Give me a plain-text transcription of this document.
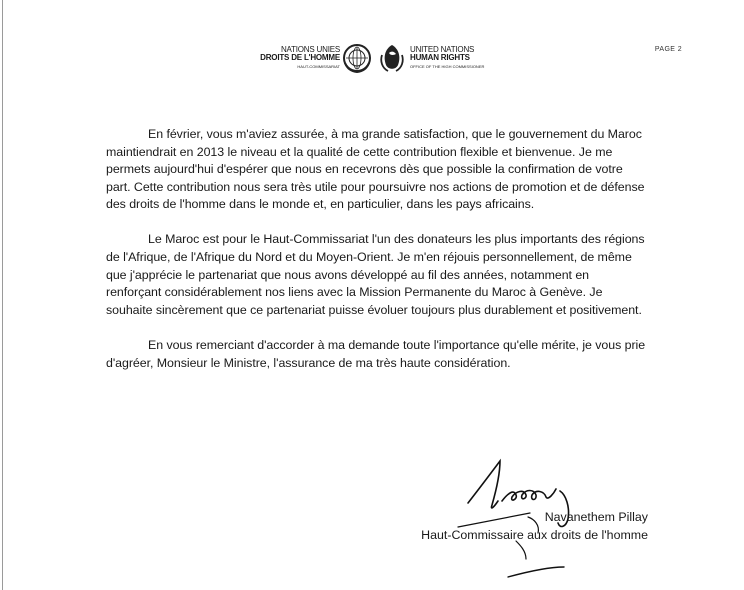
NATIONS UNIES
DROITS DE L'HOMME
HAUT-COMMISSARIAT
UNITED NATIONS
HUMAN RIGHTS
OFFICE OF THE HIGH COMMISSIONER
PAGE 2

En février, vous m'aviez assurée, à ma grande satisfaction, que le gouvernement du Maroc maintiendrait en 2013 le niveau et la qualité de cette contribution flexible et bienvenue. Je me permets aujourd'hui d'espérer que nous en recevrons dès que possible la confirmation de votre part. Cette contribution nous sera très utile pour poursuivre nos actions de promotion et de défense des droits de l'homme dans le monde et, en particulier, dans les pays africains.

Le Maroc est pour le Haut-Commissariat l'un des donateurs les plus importants des régions de l'Afrique, de l'Afrique du Nord et du Moyen-Orient. Je m'en réjouis personnellement, de même que j'apprécie le partenariat que nous avons développé au fil des années, notamment en renforçant considérablement nos liens avec la Mission Permanente du Maroc à Genève. Je souhaite sincèrement que ce partenariat puisse évoluer toujours plus durablement et positivement.

En vous remerciant d'accorder à ma demande toute l'importance qu'elle mérite, je vous prie d'agréer, Monsieur le Ministre, l'assurance de ma très haute considération.

Navanethem Pillay
Haut-Commissaire aux droits de l'homme
